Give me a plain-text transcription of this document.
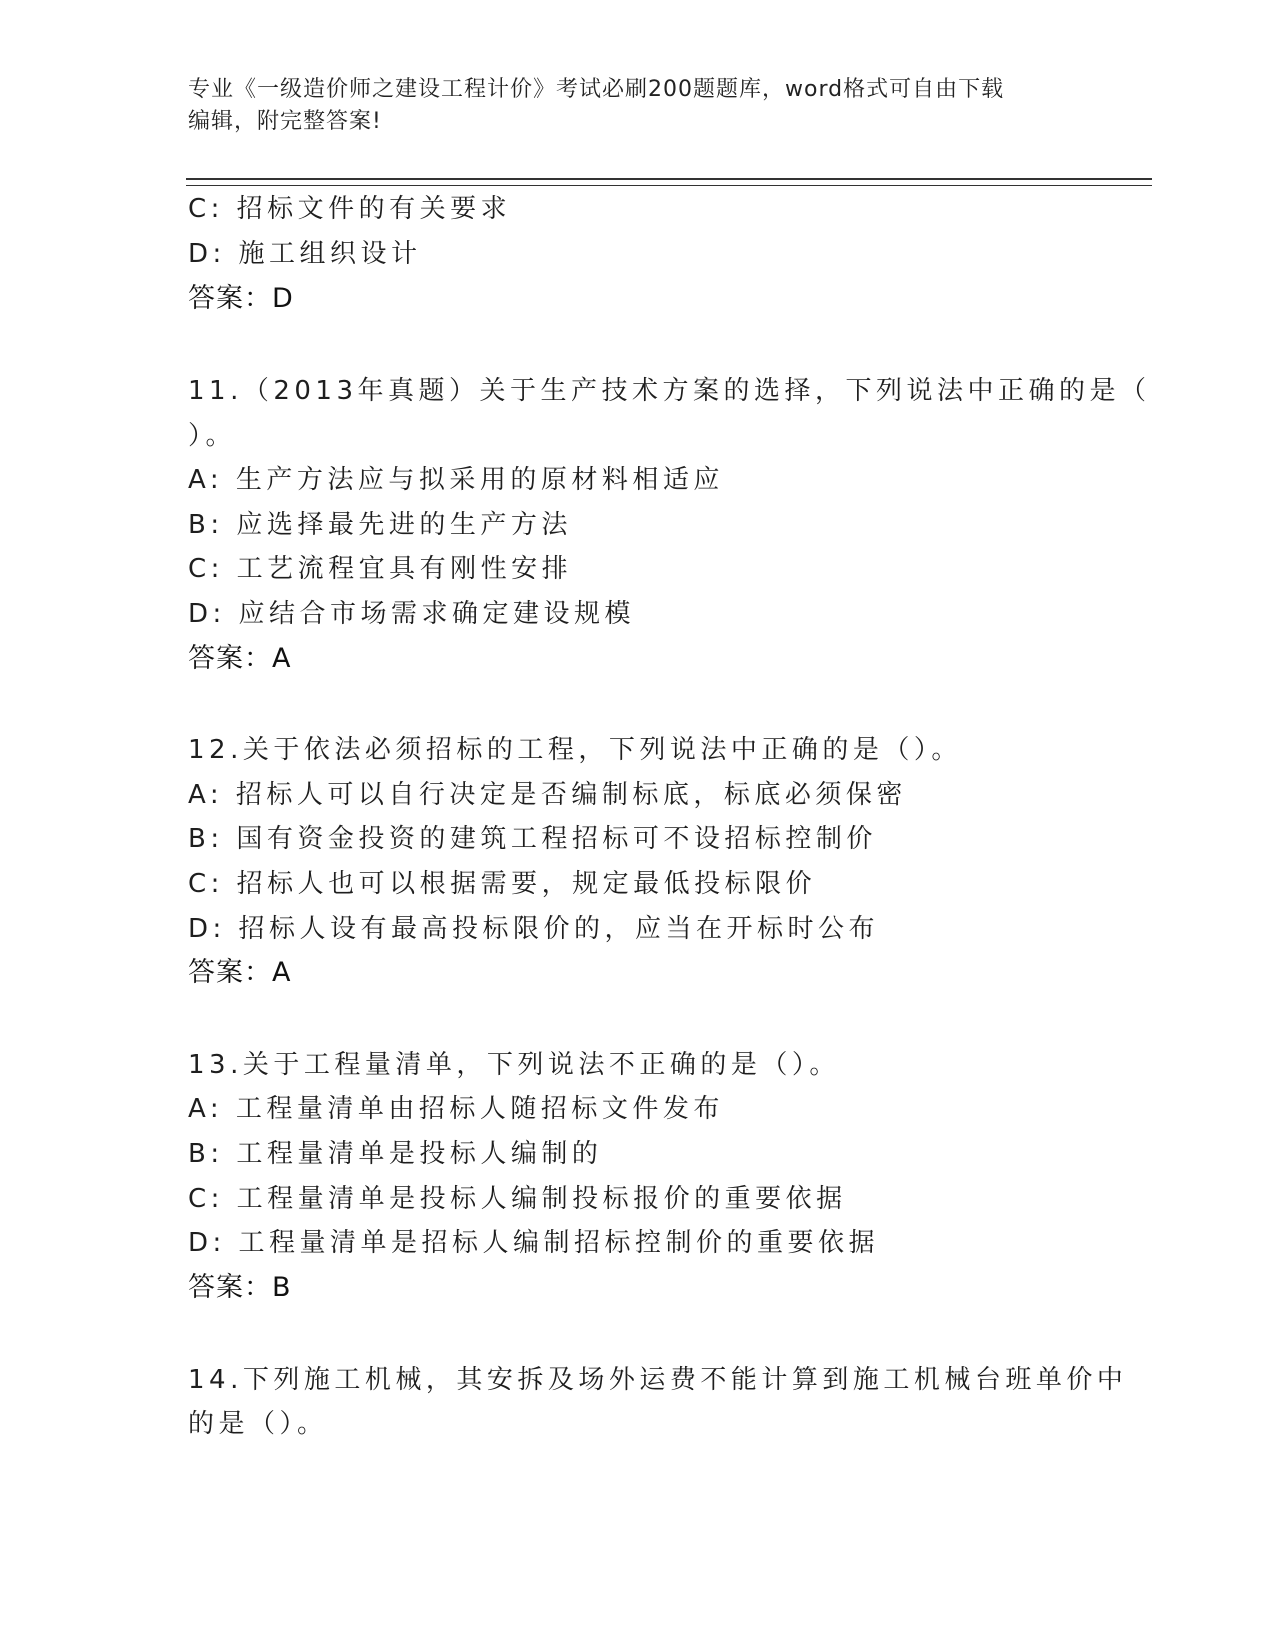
专业《一级造价师之建设工程计价》考试必刷200题题库，word格式可自由下载
编辑，附完整答案!
C: 招标文件的有关要求
D: 施工组织设计
答案：D
11.（2013年真题）关于生产技术方案的选择，下列说法中正确的是（
）。
A: 生产方法应与拟采用的原材料相适应
B: 应选择最先进的生产方法
C: 工艺流程宜具有刚性安排
D: 应结合市场需求确定建设规模
答案：A
12.关于依法必须招标的工程，下列说法中正确的是（）。
A: 招标人可以自行决定是否编制标底，标底必须保密
B: 国有资金投资的建筑工程招标可不设招标控制价
C: 招标人也可以根据需要，规定最低投标限价
D: 招标人设有最高投标限价的，应当在开标时公布
答案：A
13.关于工程量清单，下列说法不正确的是（）。
A: 工程量清单由招标人随招标文件发布
B: 工程量清单是投标人编制的
C: 工程量清单是投标人编制投标报价的重要依据
D: 工程量清单是招标人编制招标控制价的重要依据
答案：B
14.下列施工机械，其安拆及场外运费不能计算到施工机械台班单价中
的是（）。
